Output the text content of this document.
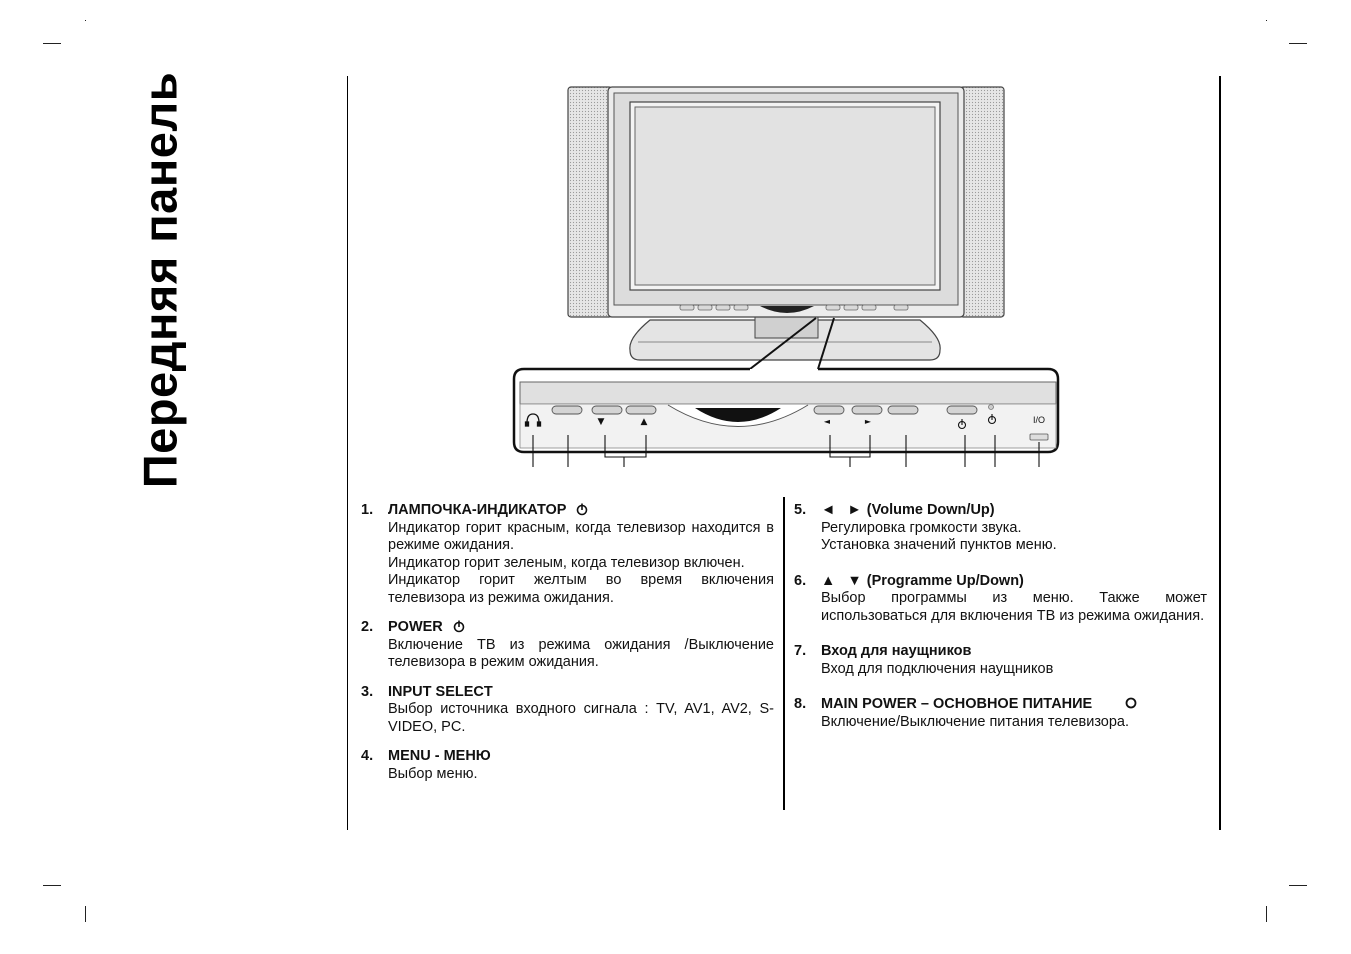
Передняя панель	▼	▲	◄	►	I/O
1. ЛАМПОЧКА-ИНДИКАТОР
Индикатор горит красным, когда телевизор находится в режиме ожидания.
Индикатор горит зеленым, когда телевизор включен.
Индикатор горит желтым во время включения телевизора из режима ожидания.
2. POWER
Включение ТВ из режима ожидания /Выключение телевизора в режим ожидания.
3. INPUT SELECT
Выбор источника входного сигнала : TV, AV1, AV2, S-VIDEO, PC.
4. MENU - МЕНЮ
Выбор меню.
5. ◄   ► (Volume Down/Up)
Регулировка громкости звука.
Установка значений пунктов меню.
6. ▲   ▼ (Programme Up/Down)
Выбор программы из меню. Также может использоваться для включения ТВ из режима ожидания.
7. Вход для наущников
Вход для подключения наущников
8. MAIN POWER – ОСНОВНОЕ ПИТАНИЕ
Включение/Выключение питания телевизора.
